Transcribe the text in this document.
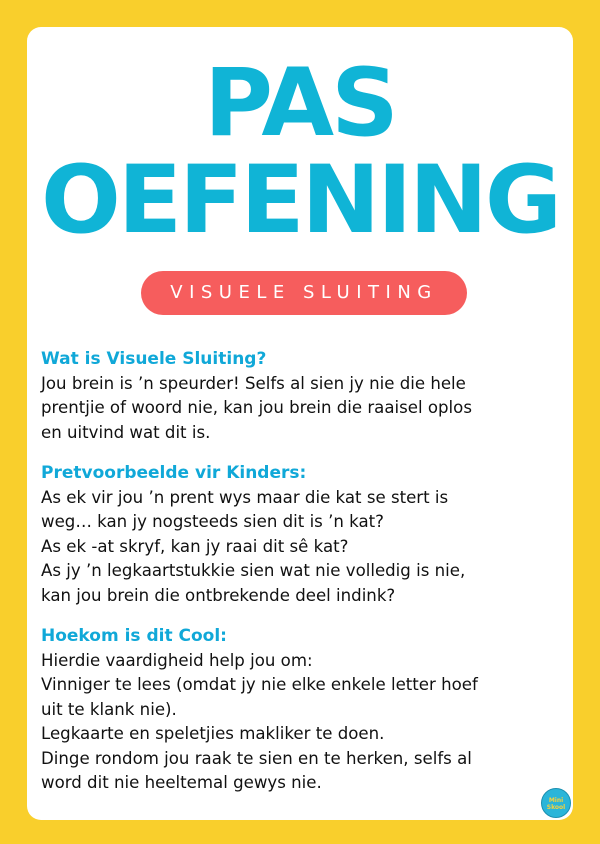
PAS
OEFENING
VISUELE SLUITING
Wat is Visuele Sluiting?
Jou brein is ’n speurder! Selfs al sien jy nie die hele
prentjie of woord nie, kan jou brein die raaisel oplos
en uitvind wat dit is.
Pretvoorbeelde vir Kinders:
As ek vir jou ’n prent wys maar die kat se stert is
weg… kan jy nogsteeds sien dit is ’n kat?
As ek -at skryf, kan jy raai dit sê kat?
As jy ’n legkaartstukkie sien wat nie volledig is nie,
kan jou brein die ontbrekende deel indink?
Hoekom is dit Cool:
Hierdie vaardigheid help jou om:
Vinniger te lees (omdat jy nie elke enkele letter hoef
uit te klank nie).
Legkaarte en speletjies makliker te doen.
Dinge rondom jou raak te sien en te herken, selfs al
word dit nie heeltemal gewys nie.
Mini
Skool
